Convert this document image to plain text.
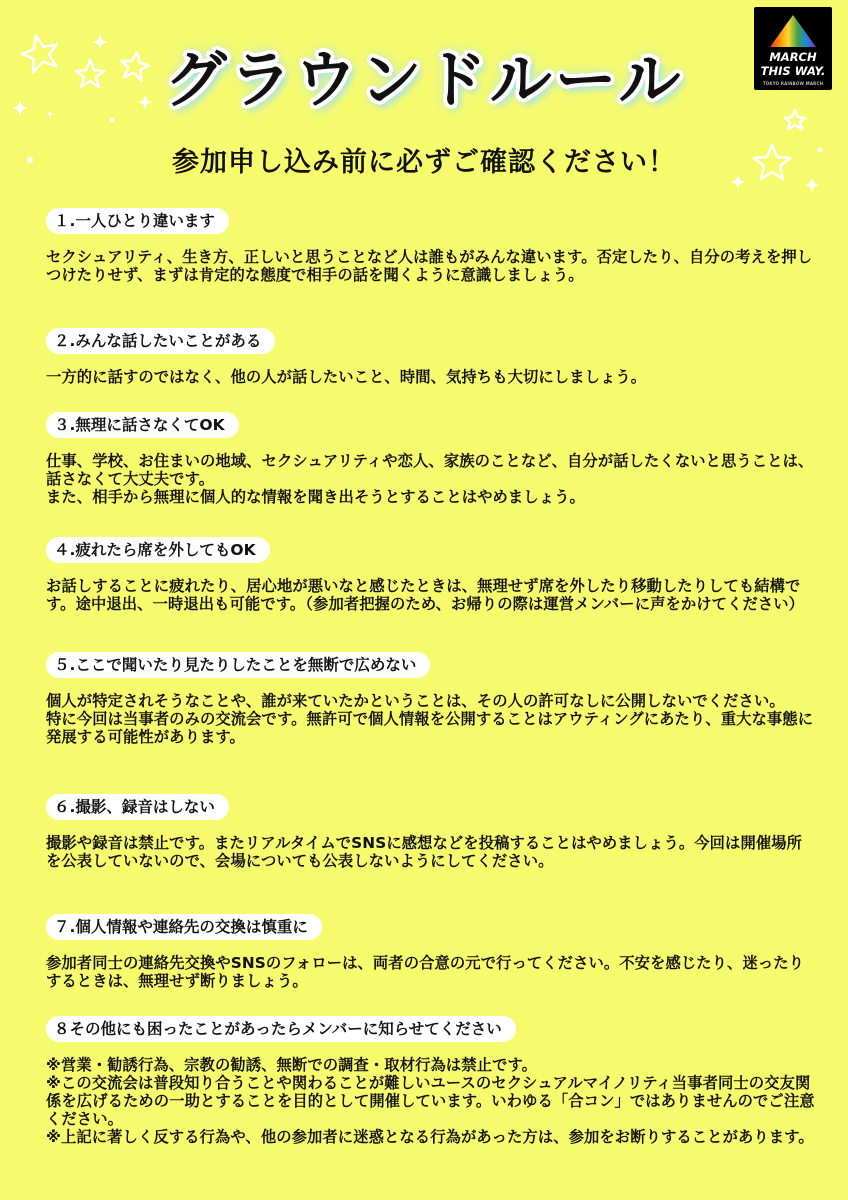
MARCH
THIS WAY.
TOKYO RAINBOW MARCH
グラウンドルール
参加申し込み前に必ずご確認ください！
１.一人ひとり違います
セクシュアリティ、生き方、正しいと思うことなど人は誰もがみんな違います。否定したり、自分の考えを押しつけたりせず、まずは肯定的な態度で相手の話を聞くように意識しましょう。
２.みんな話したいことがある
一方的に話すのではなく、他の人が話したいこと、時間、気持ちも大切にしましょう。
３.無理に話さなくてOK
仕事、学校、お住まいの地域、セクシュアリティや恋人、家族のことなど、自分が話したくないと思うことは、話さなくて大丈夫です。
また、相手から無理に個人的な情報を聞き出そうとすることはやめましょう。
４.疲れたら席を外してもOK
お話しすることに疲れたり、居心地が悪いなと感じたときは、無理せず席を外したり移動したりしても結構です。途中退出、一時退出も可能です。（参加者把握のため、お帰りの際は運営メンバーに声をかけてください）
５.ここで聞いたり見たりしたことを無断で広めない
個人が特定されそうなことや、誰が来ていたかということは、その人の許可なしに公開しないでください。
特に今回は当事者のみの交流会です。無許可で個人情報を公開することはアウティングにあたり、重大な事態に発展する可能性があります。
６.撮影、録音はしない
撮影や録音は禁止です。またリアルタイムでSNSに感想などを投稿することはやめましょう。今回は開催場所を公表していないので、会場についても公表しないようにしてください。
７.個人情報や連絡先の交換は慎重に
参加者同士の連絡先交換やSNSのフォローは、両者の合意の元で行ってください。不安を感じたり、迷ったりするときは、無理せず断りましょう。
８その他にも困ったことがあったらメンバーに知らせてください
※営業・勧誘行為、宗教の勧誘、無断での調査・取材行為は禁止です。
※この交流会は普段知り合うことや関わることが難しいユースのセクシュアルマイノリティ当事者同士の交友関係を広げるための一助とすることを目的として開催しています。いわゆる「合コン」ではありませんのでご注意ください。
※上記に著しく反する行為や、他の参加者に迷惑となる行為があった方は、参加をお断りすることがあります。
